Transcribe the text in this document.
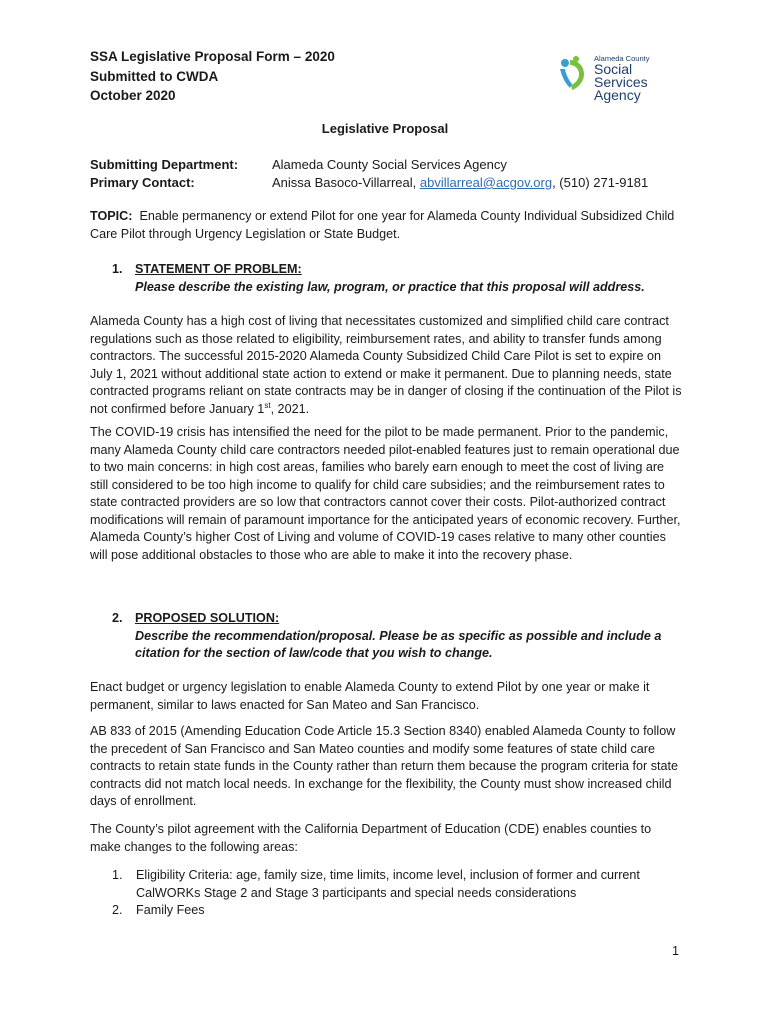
SSA Legislative Proposal Form – 2020
Submitted to CWDA
October 2020
Alameda County
Social Services
Agency
Legislative Proposal
Submitting Department:	Alameda County Social Services Agency
Primary Contact:	Anissa Basoco-Villarreal, abvillarreal@acgov.org, (510) 271-9181

TOPIC:  Enable permanency or extend Pilot for one year for Alameda County Individual Subsidized Child Care Pilot through Urgency Legislation or State Budget.

1. STATEMENT OF PROBLEM:
Please describe the existing law, program, or practice that this proposal will address.

Alameda County has a high cost of living that necessitates customized and simplified child care contract regulations such as those related to eligibility, reimbursement rates, and ability to transfer funds among contractors. The successful 2015-2020 Alameda County Subsidized Child Care Pilot is set to expire on July 1, 2021 without additional state action to extend or make it permanent. Due to planning needs, state contracted programs reliant on state contracts may be in danger of closing if the continuation of the Pilot is not confirmed before January 1st, 2021.

The COVID-19 crisis has intensified the need for the pilot to be made permanent. Prior to the pandemic, many Alameda County child care contractors needed pilot-enabled features just to remain operational due to two main concerns: in high cost areas, families who barely earn enough to meet the cost of living are still considered to be too high income to qualify for child care subsidies; and the reimbursement rates to state contracted providers are so low that contractors cannot cover their costs. Pilot-authorized contract modifications will remain of paramount importance for the anticipated years of economic recovery. Further, Alameda County’s higher Cost of Living and volume of COVID-19 cases relative to many other counties will pose additional obstacles to those who are able to make it into the recovery phase.

2. PROPOSED SOLUTION:
Describe the recommendation/proposal. Please be as specific as possible and include a citation for the section of law/code that you wish to change.

Enact budget or urgency legislation to enable Alameda County to extend Pilot by one year or make it permanent, similar to laws enacted for San Mateo and San Francisco.

AB 833 of 2015 (Amending Education Code Article 15.3 Section 8340) enabled Alameda County to follow the precedent of San Francisco and San Mateo counties and modify some features of state child care contracts to retain state funds in the County rather than return them because the program criteria for state contracts did not match local needs. In exchange for the flexibility, the County must show increased child days of enrollment.

The County’s pilot agreement with the California Department of Education (CDE) enables counties to make changes to the following areas:

1. Eligibility Criteria: age, family size, time limits, income level, inclusion of former and current CalWORKs Stage 2 and Stage 3 participants and special needs considerations
2. Family Fees
1
